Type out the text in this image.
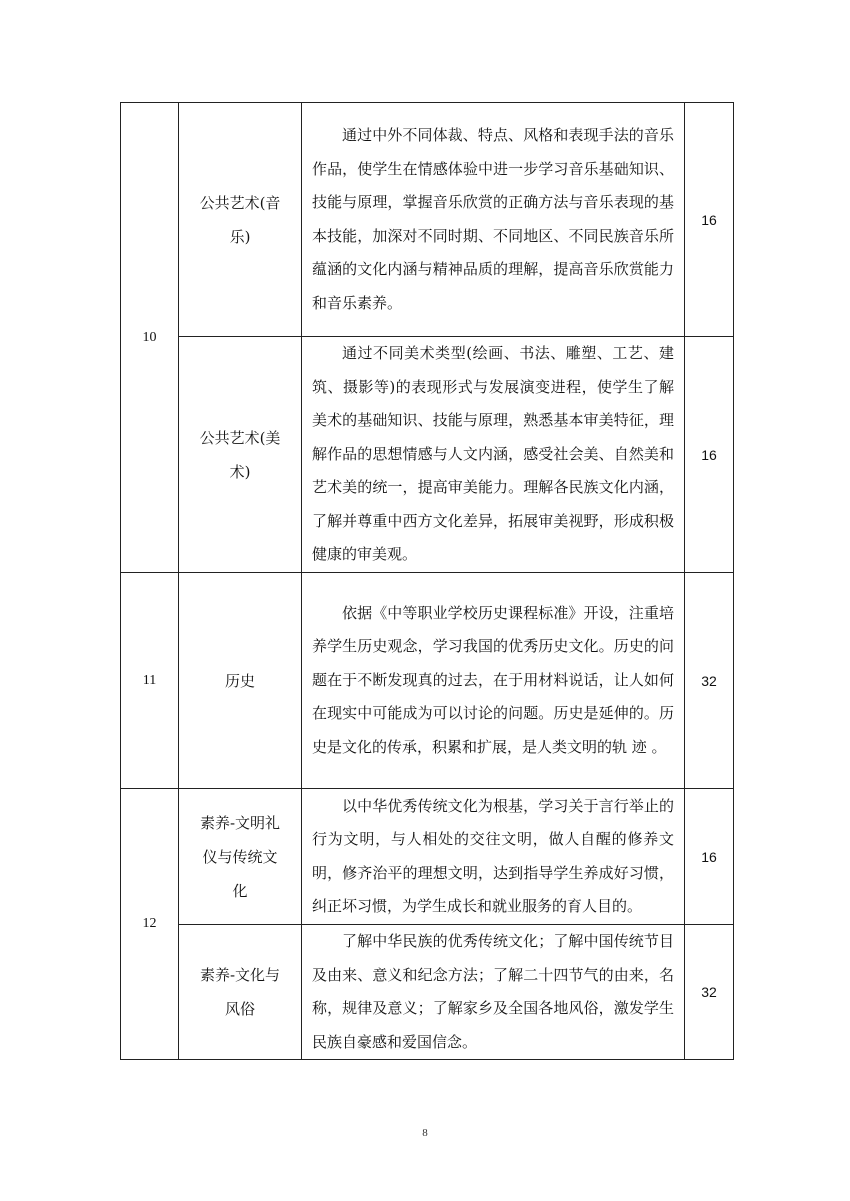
10	公共艺术(音乐)	通过中外不同体裁、特点、风格和表现手法的音乐作品，使学生在情感体验中进一步学习音乐基础知识、技能与原理，掌握音乐欣赏的正确方法与音乐表现的基本技能，加深对不同时期、不同地区、不同民族音乐所蕴涵的文化内涵与精神品质的理解，提高音乐欣赏能力和音乐素养。	16

	公共艺术(美术)	通过不同美术类型(绘画、书法、雕塑、工艺、建筑、摄影等)的表现形式与发展演变进程，使学生了解美术的基础知识、技能与原理，熟悉基本审美特征，理解作品的思想情感与人文内涵，感受社会美、自然美和艺术美的统一，提高审美能力。理解各民族文化内涵，了解并尊重中西方文化差异，拓展审美视野，形成积极健康的审美观。	16
11	历史	依据《中等职业学校历史课程标准》开设，注重培养学生历史观念，学习我国的优秀历史文化。历史的问题在于不断发现真的过去，在于用材料说话，让人如何在现实中可能成为可以讨论的问题。历史是延伸的。历史是文化的传承，积累和扩展，是人类文明的轨 迹 。	32
12	素养-文明礼仪与传统文化	以中华优秀传统文化为根基，学习关于言行举止的行为文明，与人相处的交往文明，做人自醒的修养文明，修齐治平的理想文明，达到指导学生养成好习惯，纠正坏习惯，为学生成长和就业服务的育人目的。	16

	素养-文化与风俗	了解中华民族的优秀传统文化；了解中国传统节目及由来、意义和纪念方法；了解二十四节气的由来，名称，规律及意义；了解家乡及全国各地风俗，激发学生民族自豪感和爱国信念。	32
8
